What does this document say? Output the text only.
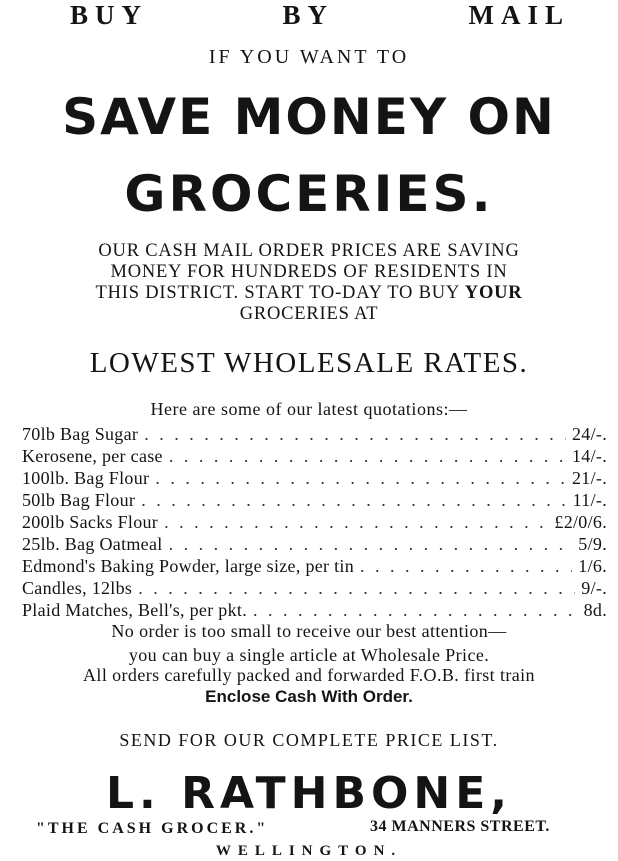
BUY	BY	MAIL
IF YOU WANT TO
SAVE MONEY ON
GROCERIES.
OUR CASH MAIL ORDER PRICES ARE SAVING
MONEY FOR HUNDREDS OF RESIDENTS IN
THIS DISTRICT. START TO-DAY TO BUY YOUR
GROCERIES AT
LOWEST WHOLESALE RATES.
Here are some of our latest quotations:—
70lb Bag Sugar . . .	24/-.
Kerosene, per case . . .	14/-.
100lb. Bag Flour . . .	21/-.
50lb Bag Flour . . .	11/-.
200lb Sacks Flour . . .	£2/0/6.
25lb. Bag Oatmeal . . .	5/9.
Edmond's Baking Powder, large size, per tin . . .	1/6.
Candles, 12lbs . . .	9/-.
Plaid Matches, Bell's, per pkt. . . .	8d.
No order is too small to receive our best attention—
you can buy a single article at Wholesale Price.
All orders carefully packed and forwarded F.O.B. first train
Enclose Cash With Order.
SEND FOR OUR COMPLETE PRICE LIST.
L. RATHBONE,
"THE CASH GROCER."	34 MANNERS STREET.
WELLINGTON.
